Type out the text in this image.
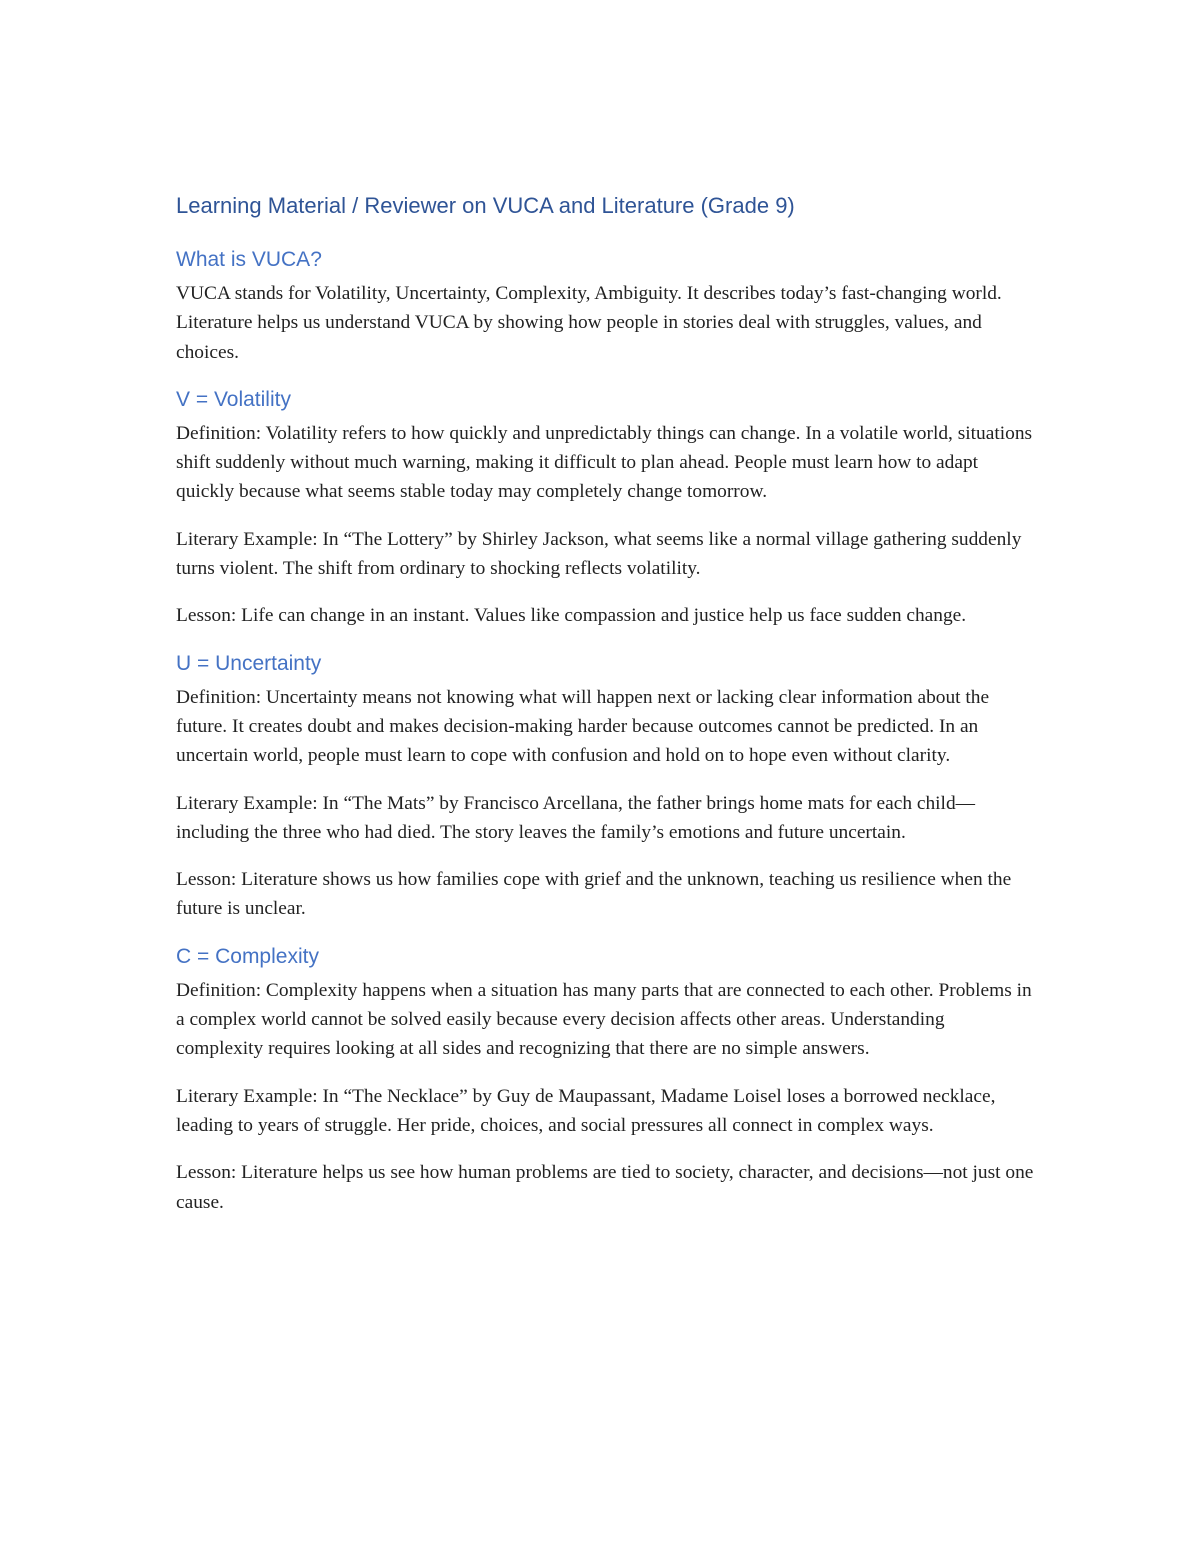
Learning Material / Reviewer on VUCA and Literature (Grade 9)
What is VUCA?

VUCA stands for Volatility, Uncertainty, Complexity, Ambiguity. It describes today’s fast-changing world. Literature helps us understand VUCA by showing how people in stories deal with struggles, values, and choices.

V = Volatility

Definition: Volatility refers to how quickly and unpredictably things can change. In a volatile world, situations shift suddenly without much warning, making it difficult to plan ahead. People must learn how to adapt quickly because what seems stable today may completely change tomorrow.

Literary Example: In “The Lottery” by Shirley Jackson, what seems like a normal village gathering suddenly turns violent. The shift from ordinary to shocking reflects volatility.

Lesson: Life can change in an instant. Values like compassion and justice help us face sudden change.

U = Uncertainty

Definition: Uncertainty means not knowing what will happen next or lacking clear information about the future. It creates doubt and makes decision-making harder because outcomes cannot be predicted. In an uncertain world, people must learn to cope with confusion and hold on to hope even without clarity.

Literary Example: In “The Mats” by Francisco Arcellana, the father brings home mats for each child— including the three who had died. The story leaves the family’s emotions and future uncertain.

Lesson: Literature shows us how families cope with grief and the unknown, teaching us resilience when the future is unclear.

C = Complexity

Definition: Complexity happens when a situation has many parts that are connected to each other. Problems in a complex world cannot be solved easily because every decision affects other areas. Understanding complexity requires looking at all sides and recognizing that there are no simple answers.

Literary Example: In “The Necklace” by Guy de Maupassant, Madame Loisel loses a borrowed necklace, leading to years of struggle. Her pride, choices, and social pressures all connect in complex ways.

Lesson: Literature helps us see how human problems are tied to society, character, and decisions—not just one cause.
